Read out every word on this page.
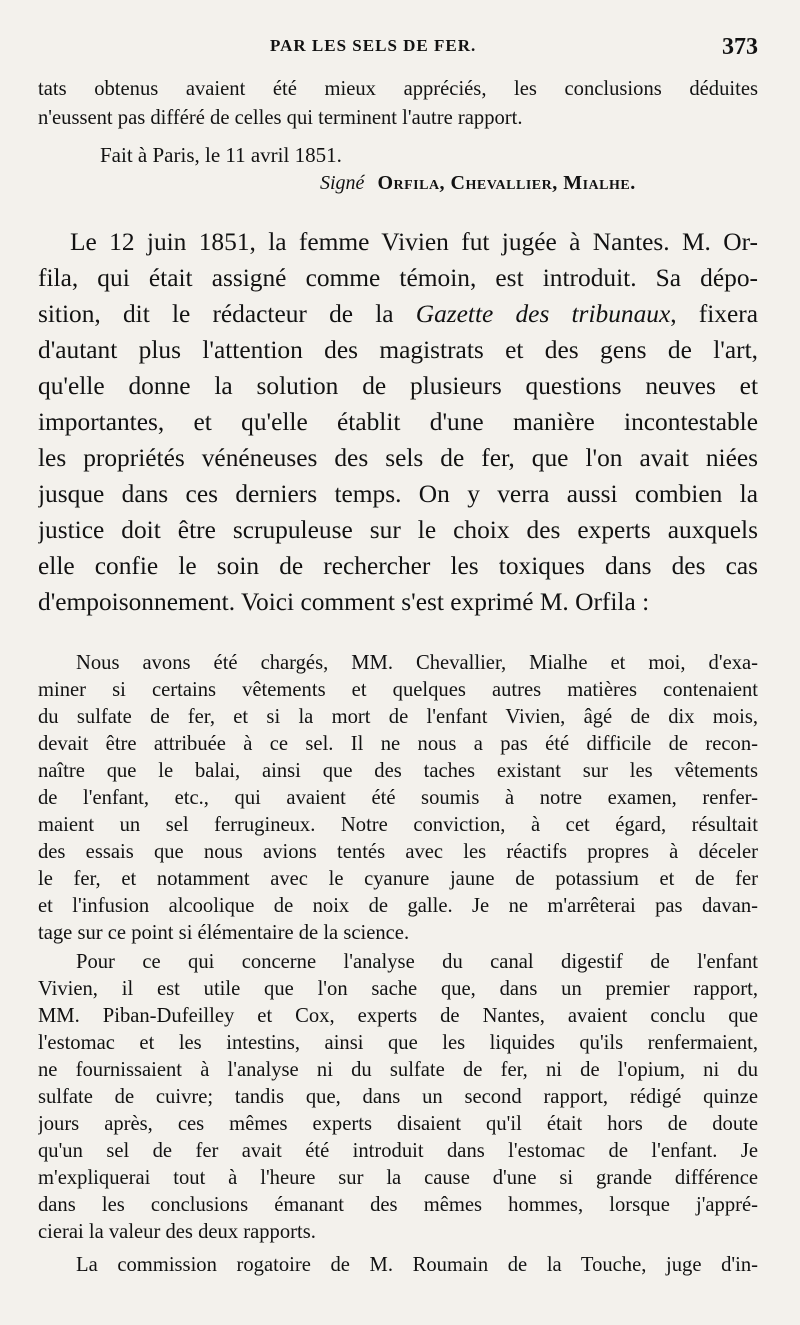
PAR LES SELS DE FER.	373
tats obtenus avaient été mieux appréciés, les conclusions déduites
n'eussent pas différé de celles qui terminent l'autre rapport.
Fait à Paris, le 11 avril 1851.
Signé Orfila, Chevallier, Mialhe.
Le 12 juin 1851, la femme Vivien fut jugée à Nantes. M. Or-
fila, qui était assigné comme témoin, est introduit. Sa dépo-
sition, dit le rédacteur de la Gazette des tribunaux, fixera
d'autant plus l'attention des magistrats et des gens de l'art,
qu'elle donne la solution de plusieurs questions neuves et
importantes, et qu'elle établit d'une manière incontestable
les propriétés vénéneuses des sels de fer, que l'on avait niées
jusque dans ces derniers temps. On y verra aussi combien la
justice doit être scrupuleuse sur le choix des experts auxquels
elle confie le soin de rechercher les toxiques dans des cas
d'empoisonnement. Voici comment s'est exprimé M. Orfila :
Nous avons été chargés, MM. Chevallier, Mialhe et moi, d'exa-
miner si certains vêtements et quelques autres matières contenaient
du sulfate de fer, et si la mort de l'enfant Vivien, âgé de dix mois,
devait être attribuée à ce sel. Il ne nous a pas été difficile de recon-
naître que le balai, ainsi que des taches existant sur les vêtements
de l'enfant, etc., qui avaient été soumis à notre examen, renfer-
maient un sel ferrugineux. Notre conviction, à cet égard, résultait
des essais que nous avions tentés avec les réactifs propres à déceler
le fer, et notamment avec le cyanure jaune de potassium et de fer
et l'infusion alcoolique de noix de galle. Je ne m'arrêterai pas davan-
tage sur ce point si élémentaire de la science.
Pour ce qui concerne l'analyse du canal digestif de l'enfant
Vivien, il est utile que l'on sache que, dans un premier rapport,
MM. Piban-Dufeilley et Cox, experts de Nantes, avaient conclu que
l'estomac et les intestins, ainsi que les liquides qu'ils renfermaient,
ne fournissaient à l'analyse ni du sulfate de fer, ni de l'opium, ni du
sulfate de cuivre; tandis que, dans un second rapport, rédigé quinze
jours après, ces mêmes experts disaient qu'il était hors de doute
qu'un sel de fer avait été introduit dans l'estomac de l'enfant. Je
m'expliquerai tout à l'heure sur la cause d'une si grande différence
dans les conclusions émanant des mêmes hommes, lorsque j'appré-
cierai la valeur des deux rapports.
La commission rogatoire de M. Roumain de la Touche, juge d'in-
